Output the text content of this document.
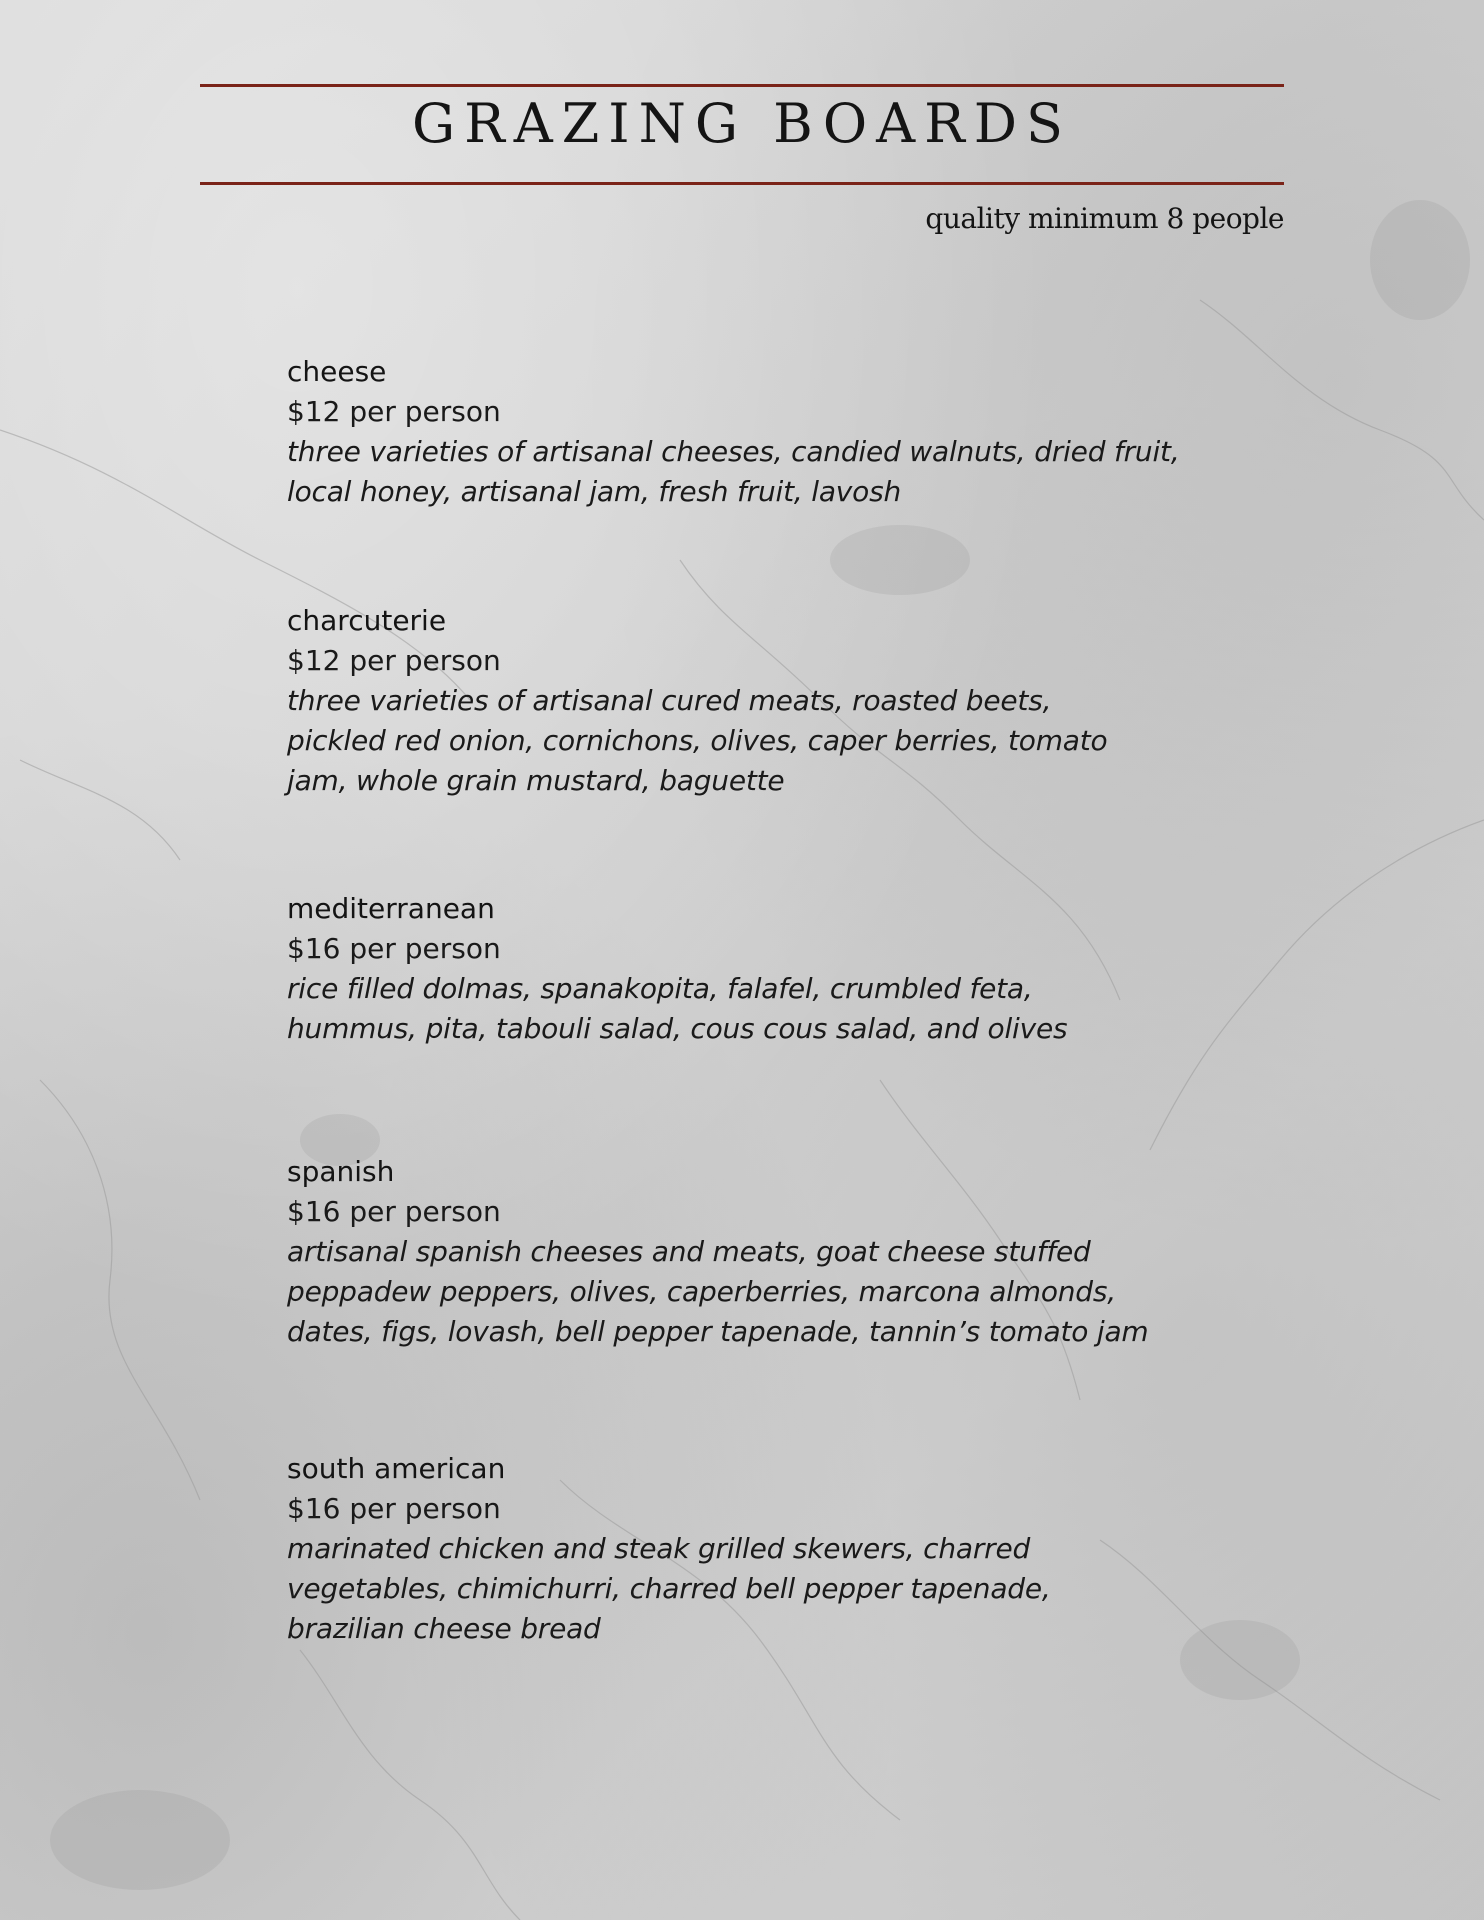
GRAZING BOARDS
quality minimum 8 people
cheese
$12 per person
three varieties of artisanal cheeses, candied walnuts, dried fruit,
local honey, artisanal jam, fresh fruit, lavosh
charcuterie
$12 per person
three varieties of artisanal cured meats, roasted beets,
pickled red onion, cornichons, olives, caper berries, tomato
jam, whole grain mustard, baguette
mediterranean
$16 per person
rice filled dolmas, spanakopita, falafel, crumbled feta,
hummus, pita, tabouli salad, cous cous salad, and olives
spanish
$16 per person
artisanal spanish cheeses and meats, goat cheese stuffed
peppadew peppers, olives, caperberries, marcona almonds,
dates, figs, lovash, bell pepper tapenade, tannin’s tomato jam
south american
$16 per person
marinated chicken and steak grilled skewers, charred
vegetables, chimichurri, charred bell pepper tapenade,
brazilian cheese bread
